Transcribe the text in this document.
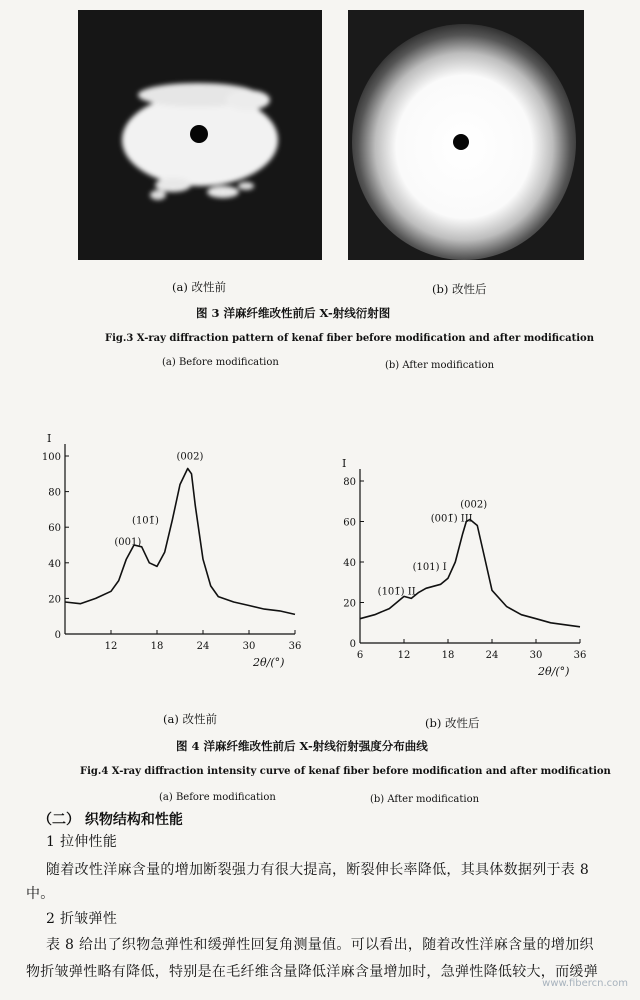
(a) 改性前	(b) 改性后
图 3 洋麻纤维改性前后 X-射线衍射图
Fig.3 X-ray diffraction pattern of kenaf fiber before modification and after modification
(a) Before modification	(b) After modification
0
20
40
60
80
100
12	18	24	30	36
I
2θ/(°)
(001)
(101̄)
(002)
0
20
40
60
80
6	12	18	24	30	36
I
2θ/(°)
(101̄) II
(101) I
(001̄) III
(002)
(a) 改性前	(b) 改性后
图 4 洋麻纤维改性前后 X-射线衍射强度分布曲线
Fig.4 X-ray diffraction intensity curve of kenaf fiber before modification and after modification
(a) Before modification	(b) After modification
（二） 织物结构和性能
1 拉伸性能
随着改性洋麻含量的增加断裂强力有很大提高，断裂伸长率降低，其具体数据列于表 8
中。
2 折皱弹性
表 8 给出了织物急弹性和缓弹性回复角测量值。可以看出，随着改性洋麻含量的增加织
物折皱弹性略有降低，特别是在毛纤维含量降低洋麻含量增加时，急弹性降低较大，而缓弹
www.fibercn.com
